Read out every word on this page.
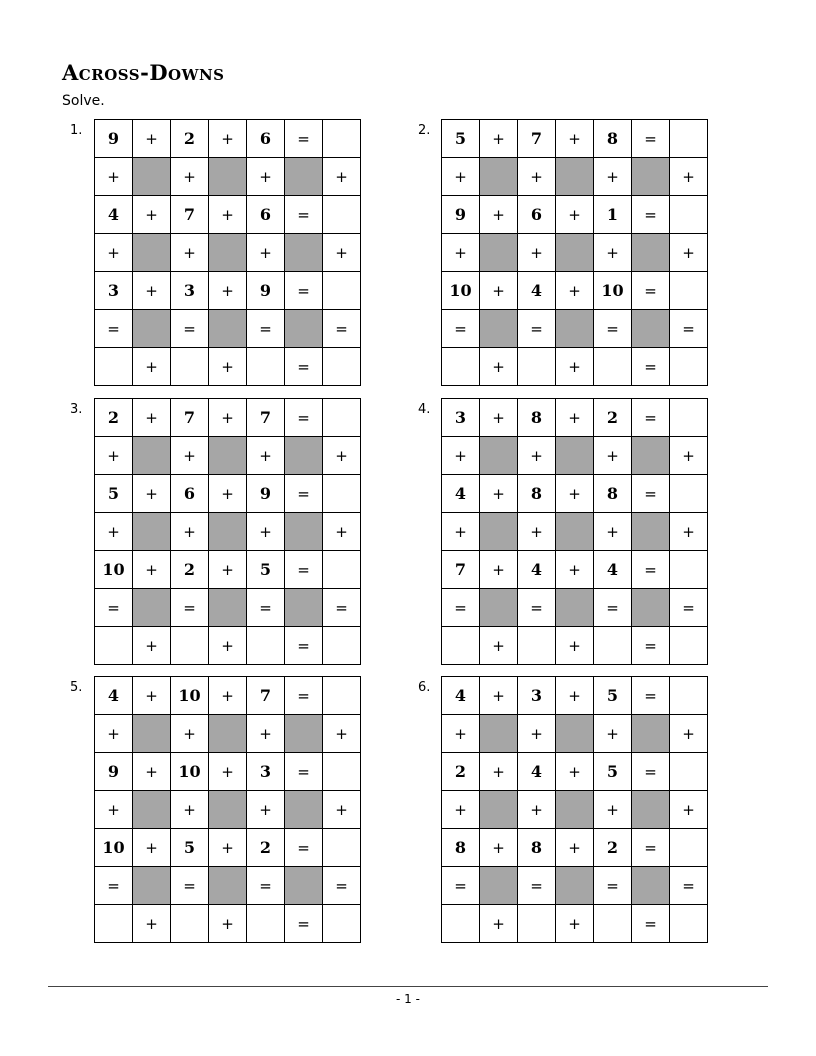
Across-Downs
Solve.
1. 9	+	2	+	6	=	
+		+		+		+
4	+	7	+	6	=	
+		+		+		+
3	+	3	+	9	=	
=		=		=		=
	+		+		=	
2. 5	+	7	+	8	=	
+		+		+		+
9	+	6	+	1	=	
+		+		+		+
10	+	4	+	10	=	
=		=		=		=
	+		+		=	
3. 2	+	7	+	7	=	
+		+		+		+
5	+	6	+	9	=	
+		+		+		+
10	+	2	+	5	=	
=		=		=		=
	+		+		=	
4. 3	+	8	+	2	=	
+		+		+		+
4	+	8	+	8	=	
+		+		+		+
7	+	4	+	4	=	
=		=		=		=
	+		+		=	
5. 4	+	10	+	7	=	
+		+		+		+
9	+	10	+	3	=	
+		+		+		+
10	+	5	+	2	=	
=		=		=		=
	+		+		=	
6. 4	+	3	+	5	=	
+		+		+		+
2	+	4	+	5	=	
+		+		+		+
8	+	8	+	2	=	
=		=		=		=
	+		+		=	
- 1 -
